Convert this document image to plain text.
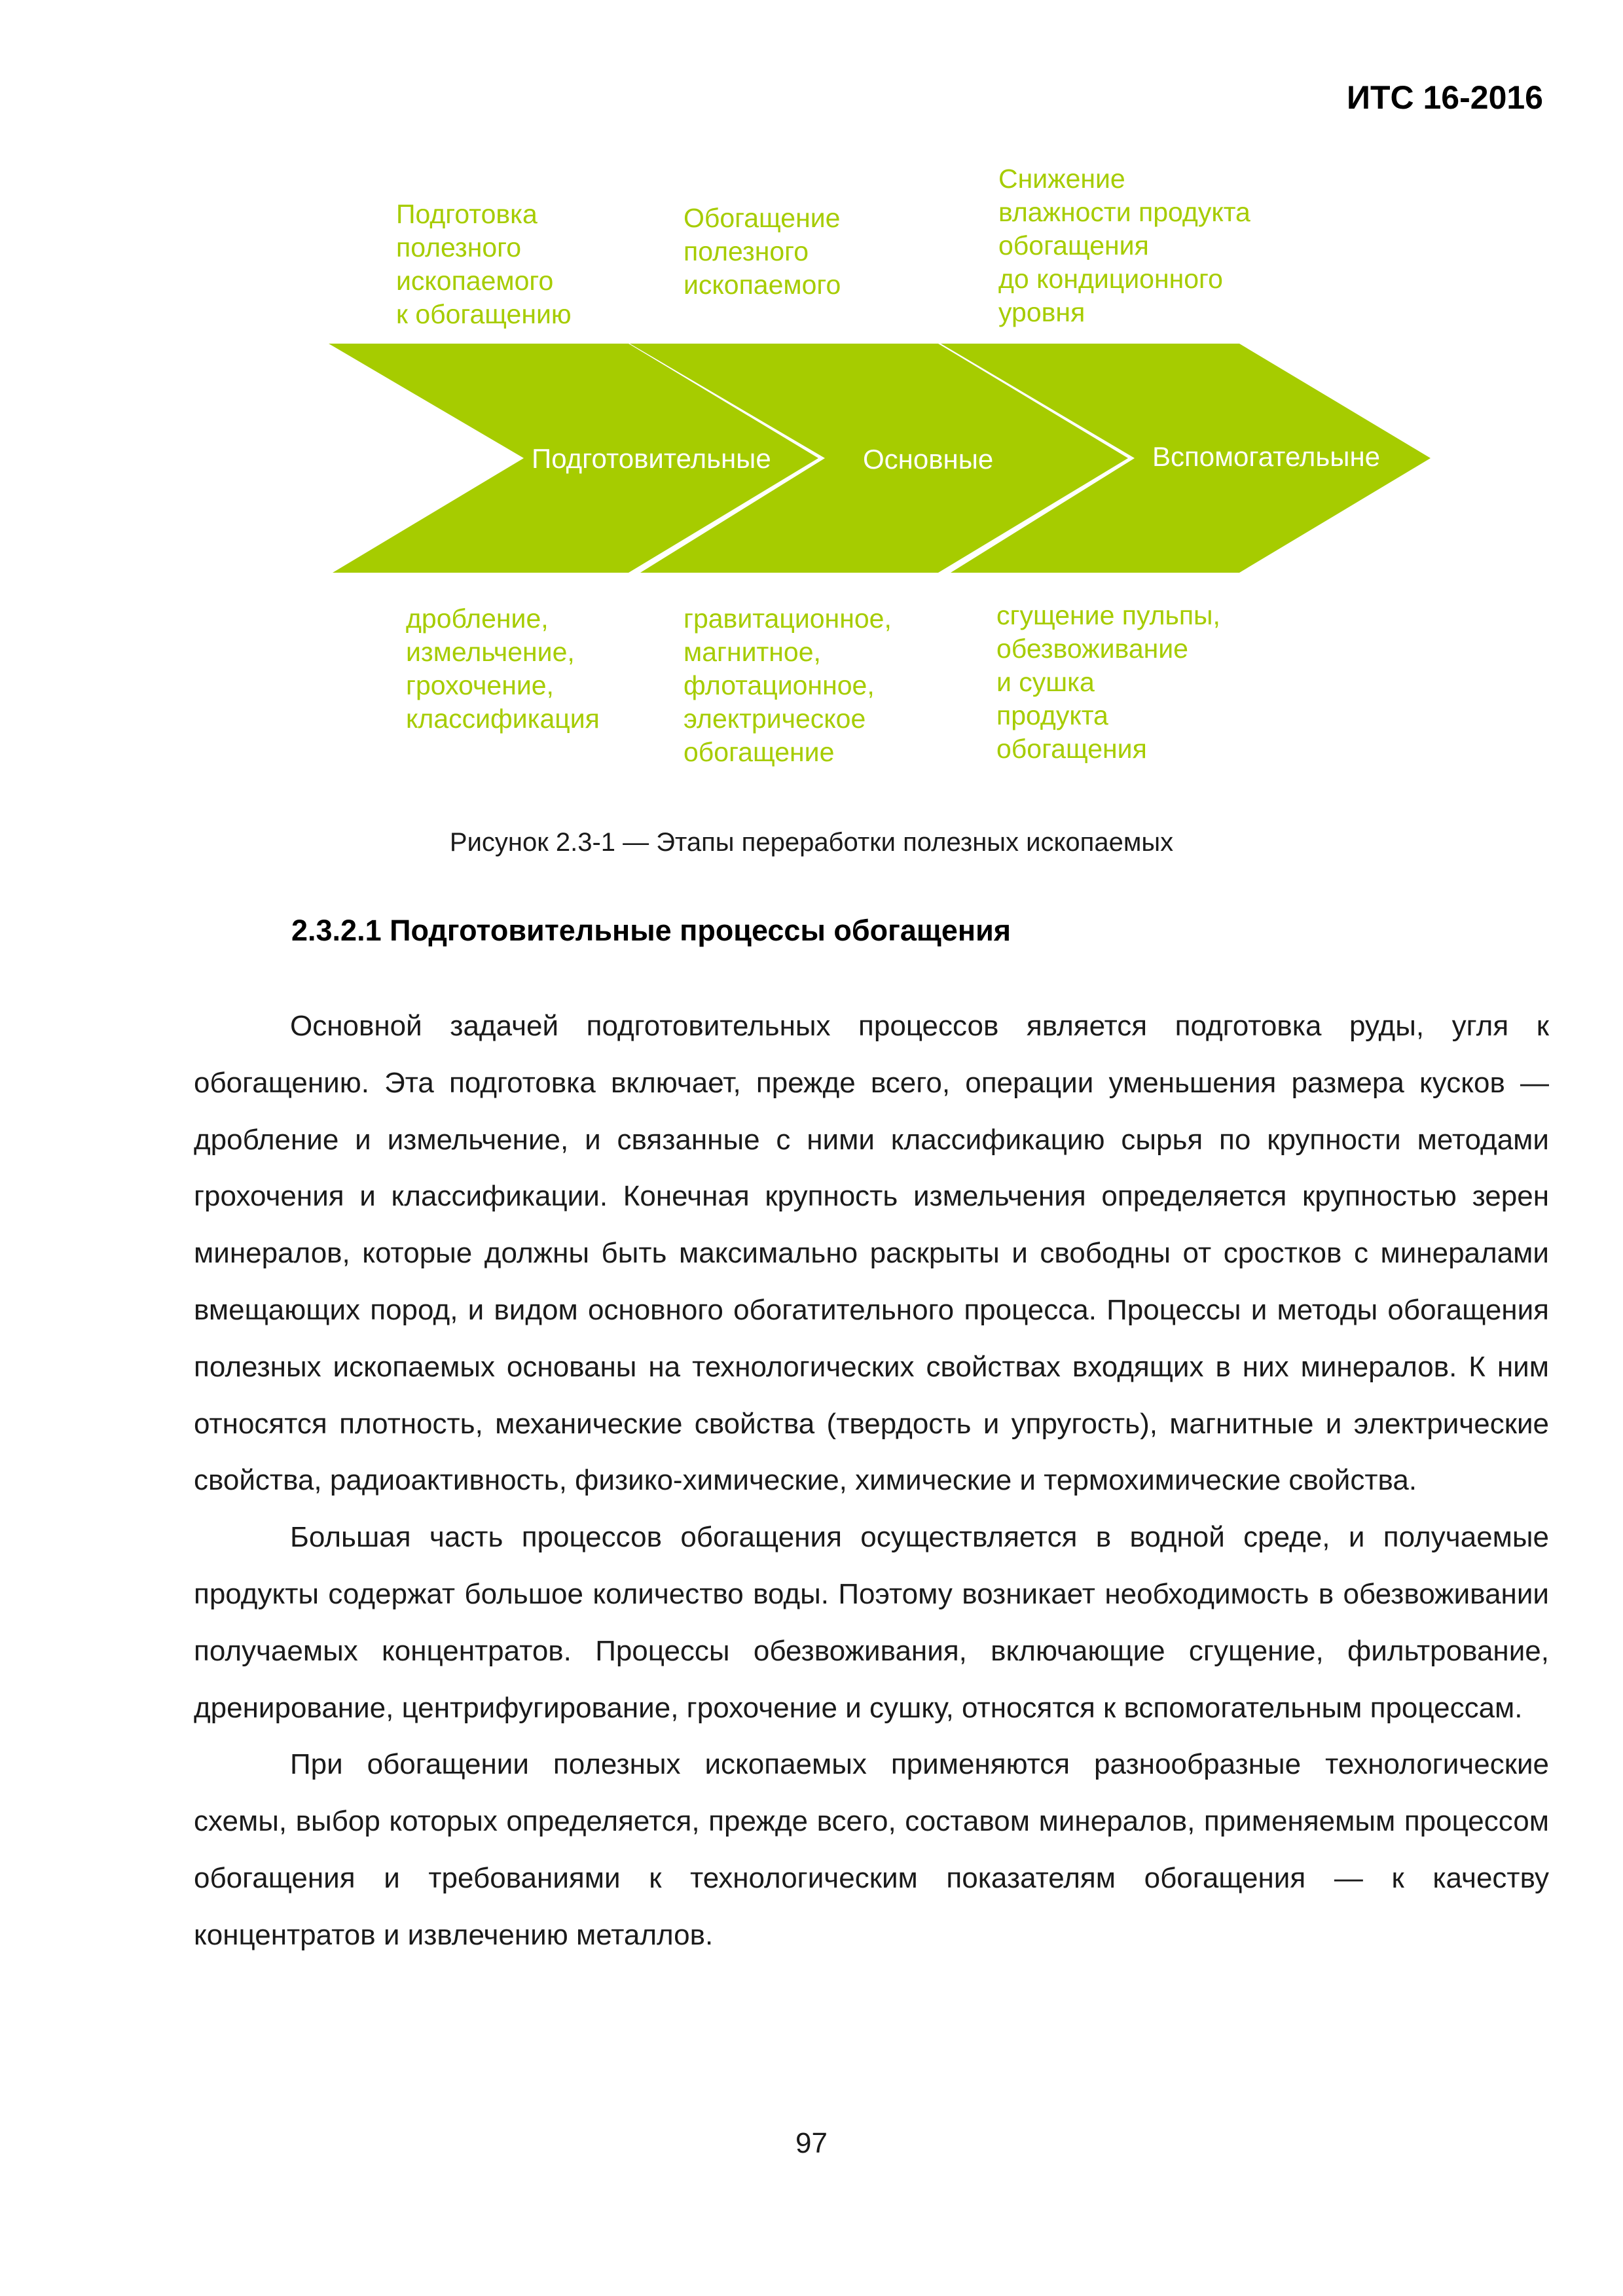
ИТС 16-2016
Подготовка
полезного
ископаемого
к обогащению
Обогащение
полезного
ископаемого
Снижение
влажности продукта
обогащения
до кондиционного
уровня
Подготовительные	Основные	Вспомогательыне
дробление,
измельчение,
грохочение,
классификация
гравитационное,
магнитное,
флотационное,
электрическое
обогащение
сгущение пульпы,
обезвоживание
и сушка
продукта
обогащения
Рисунок 2.3-1 — Этапы переработки полезных ископаемых
2.3.2.1 Подготовительные процессы обогащения

Основной задачей подготовительных процессов является подготовка руды, угля к обогащению. Эта подготовка включает, прежде всего, операции уменьшения размера кусков — дробление и измельчение, и связанные с ними классификацию сырья по крупности методами грохочения и классификации. Конечная крупность измельчения определяется крупностью зерен минералов, которые должны быть максимально раскрыты и свободны от сростков с минералами вмещающих пород, и видом основного обогатительного процесса. Процессы и методы обогащения полезных ископаемых основаны на технологических свойствах входящих в них минералов. К ним относятся плотность, механические свойства (твердость и упругость), магнитные и электрические свойства, радиоактивность, физико-химические, химические и термохимические свойства.

Большая часть процессов обогащения осуществляется в водной среде, и получаемые продукты содержат большое количество воды. Поэтому возникает необходимость в обезвоживании получаемых концентратов. Процессы обезвоживания, включающие сгущение, фильтрование, дренирование, центрифугирование, грохочение и сушку, относятся к вспомогательным процессам.

При обогащении полезных ископаемых применяются разнообразные технологические схемы, выбор которых определяется, прежде всего, составом минералов, применяемым процессом обогащения и требованиями к технологическим показателям обогащения — к качеству концентратов и извлечению металлов.

97
